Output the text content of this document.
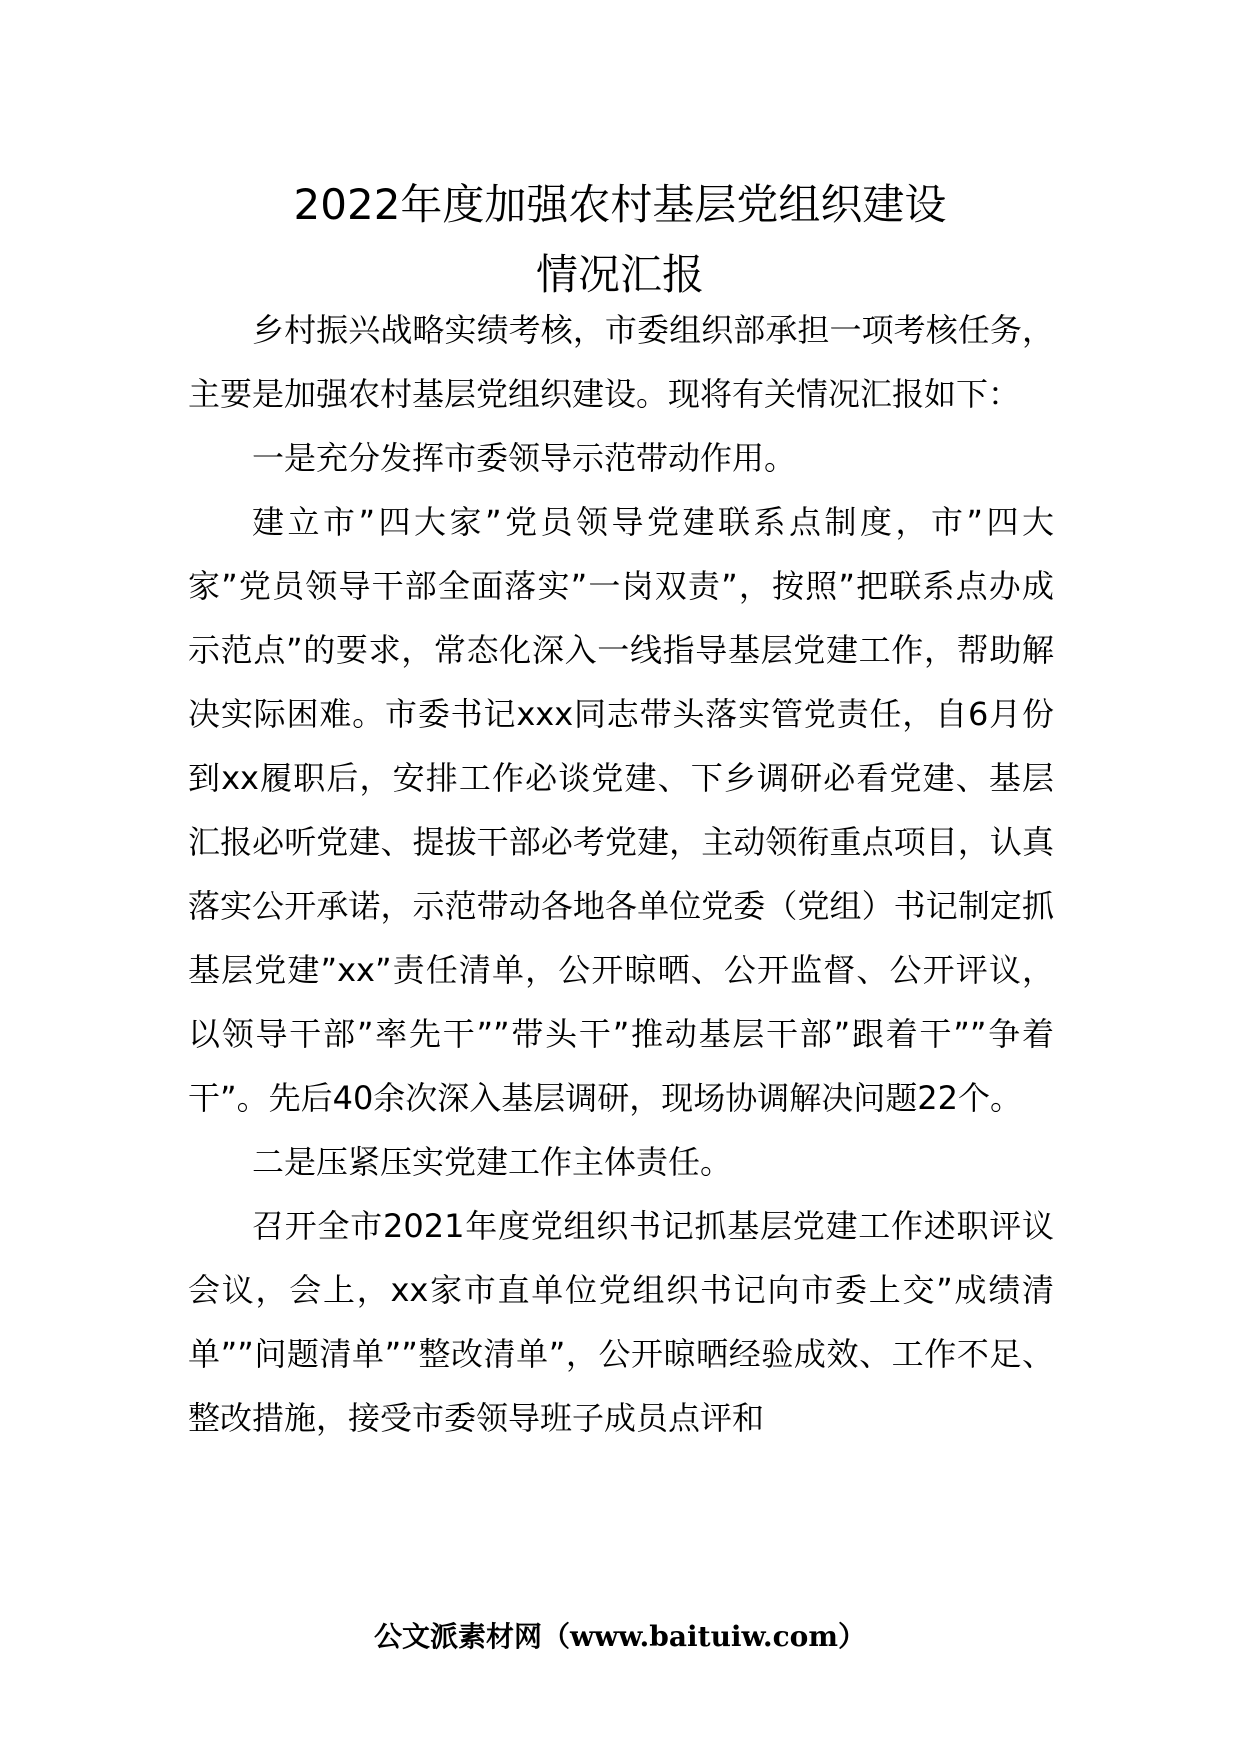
2022年度加强农村基层党组织建设
情况汇报

乡村振兴战略实绩考核，市委组织部承担一项考核任务，主要是加强农村基层党组织建设。现将有关情况汇报如下：

一是充分发挥市委领导示范带动作用。

建立市”四大家”党员领导党建联系点制度，市”四大家”党员领导干部全面落实”一岗双责”，按照”把联系点办成示范点”的要求，常态化深入一线指导基层党建工作，帮助解决实际困难。市委书记xxx同志带头落实管党责任，自6月份到xx履职后，安排工作必谈党建、下乡调研必看党建、基层汇报必听党建、提拔干部必考党建，主动领衔重点项目，认真落实公开承诺，示范带动各地各单位党委（党组）书记制定抓基层党建”xx”责任清单，公开晾晒、公开监督、公开评议，以领导干部”率先干””带头干”推动基层干部”跟着干””争着干”。先后40余次深入基层调研，现场协调解决问题22个。

二是压紧压实党建工作主体责任。

召开全市2021年度党组织书记抓基层党建工作述职评议会议，会上，xx家市直单位党组织书记向市委上交”成绩清单””问题清单””整改清单”，公开晾晒经验成效、工作不足、整改措施，接受市委领导班子成员点评和

公文派素材网（www.baituiw.com）
